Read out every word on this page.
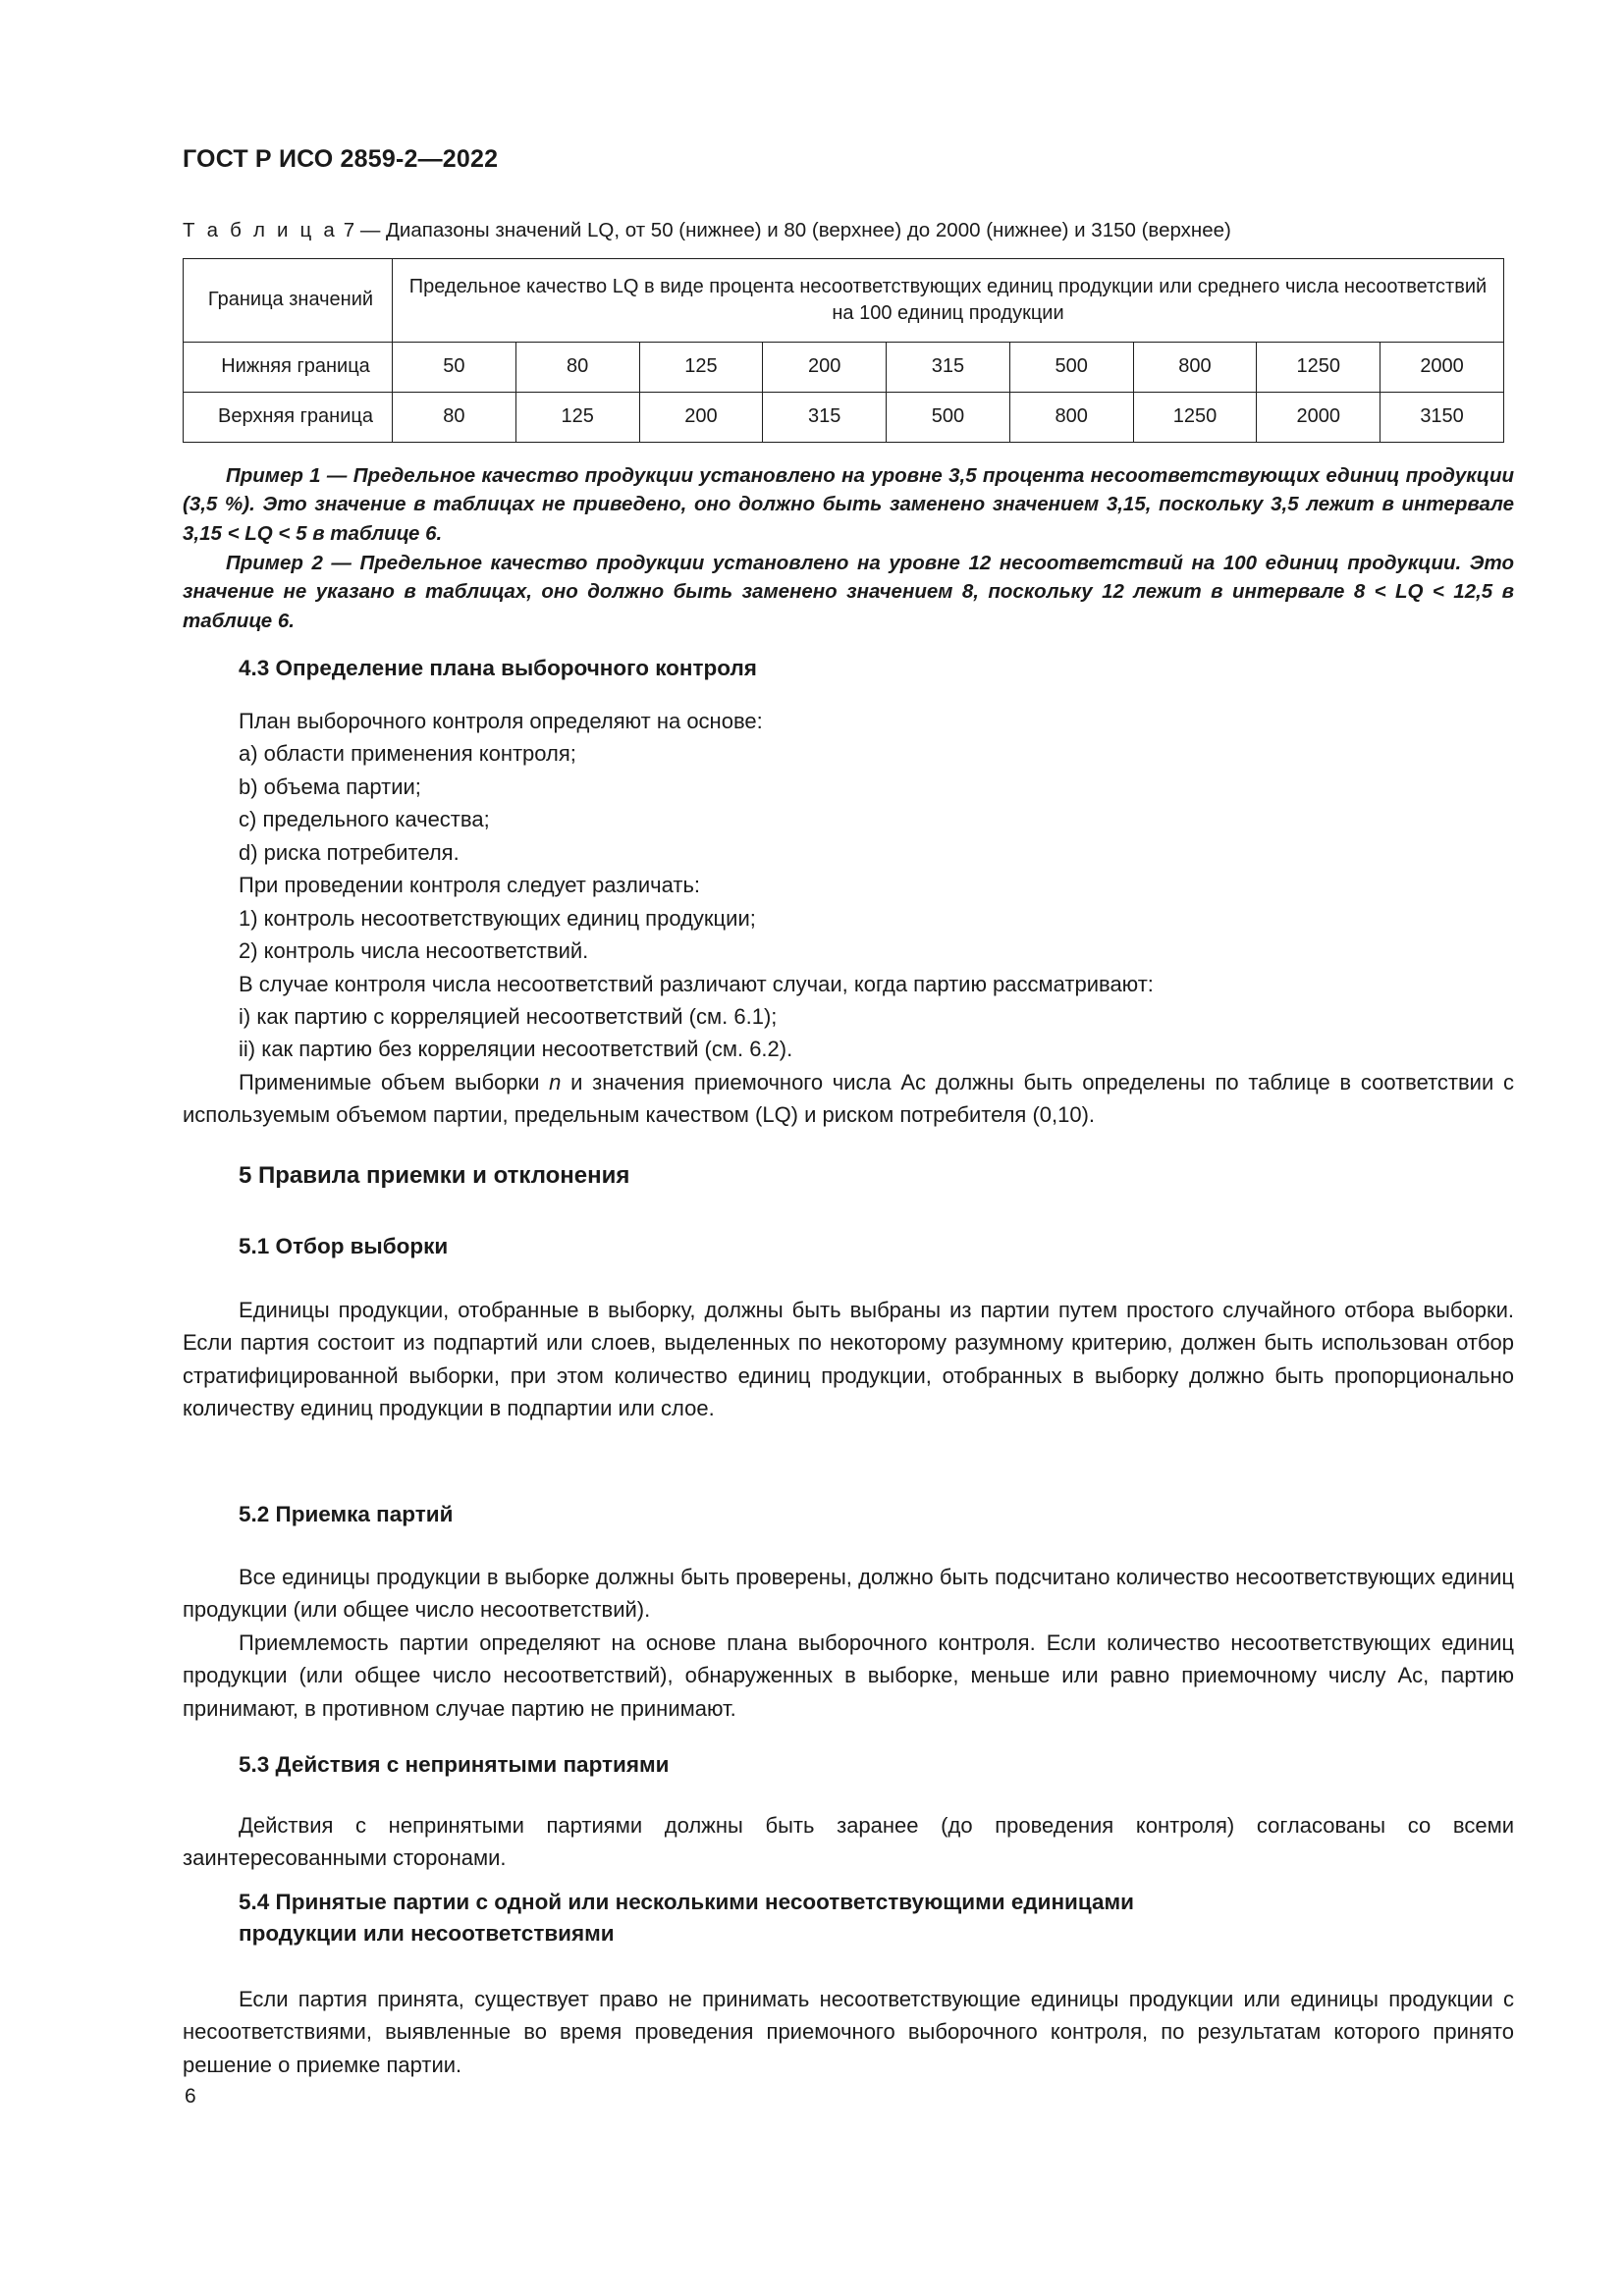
ГОСТ Р ИСО 2859-2—2022
Т а б л и ц а 7 — Диапазоны значений LQ, от 50 (нижнее) и 80 (верхнее) до 2000 (нижнее) и 3150 (верхнее)
Граница значений	Предельное качество LQ в виде процента несоответствующих единиц продукции или среднего числа несоответствий на 100 единиц продукции								
Нижняя граница	50	80	125	200	315	500	800	1250	2000
Верхняя граница	80	125	200	315	500	800	1250	2000	3150

Пример 1 — Предельное качество продукции установлено на уровне 3,5 процента несоответствующих единиц продукции (3,5 %). Это значение в таблицах не приведено, оно должно быть заменено значением 3,15, поскольку 3,5 лежит в интервале 3,15 < LQ < 5 в таблице 6.

Пример 2 — Предельное качество продукции установлено на уровне 12 несоответствий на 100 единиц продукции. Это значение не указано в таблицах, оно должно быть заменено значением 8, поскольку 12 лежит в интервале 8 < LQ < 12,5 в таблице 6.

4.3 Определение плана выборочного контроля

План выборочного контроля определяют на основе:

a) области применения контроля;

b) объема партии;

c) предельного качества;

d) риска потребителя.

При проведении контроля следует различать:

1) контроль несоответствующих единиц продукции;

2) контроль числа несоответствий.

В случае контроля числа несоответствий различают случаи, когда партию рассматривают:

i) как партию с корреляцией несоответствий (см. 6.1);

ii) как партию без корреляции несоответствий (см. 6.2).

Применимые объем выборки n и значения приемочного числа Ac должны быть определены по таблице в соответствии с используемым объемом партии, предельным качеством (LQ) и риском потребителя (0,10).

5 Правила приемки и отклонения
5.1 Отбор выборки

Единицы продукции, отобранные в выборку, должны быть выбраны из партии путем простого случайного отбора выборки. Если партия состоит из подпартий или слоев, выделенных по некоторому разумному критерию, должен быть использован отбор стратифицированной выборки, при этом количество единиц продукции, отобранных в выборку должно быть пропорционально количеству единиц продукции в подпартии или слое.

5.2 Приемка партий

Все единицы продукции в выборке должны быть проверены, должно быть подсчитано количество несоответствующих единиц продукции (или общее число несоответствий).

Приемлемость партии определяют на основе плана выборочного контроля. Если количество несоответствующих единиц продукции (или общее число несоответствий), обнаруженных в выборке, меньше или равно приемочному числу Ac, партию принимают, в противном случае партию не принимают.

5.3 Действия с непринятыми партиями

Действия с непринятыми партиями должны быть заранее (до проведения контроля) согласованы со всеми заинтересованными сторонами.

5.4 Принятые партии с одной или несколькими несоответствующими единицами
продукции или несоответствиями

Если партия принята, существует право не принимать несоответствующие единицы продукции или единицы продукции с несоответствиями, выявленные во время проведения приемочного выборочного контроля, по результатам которого принято решение о приемке партии.

6
